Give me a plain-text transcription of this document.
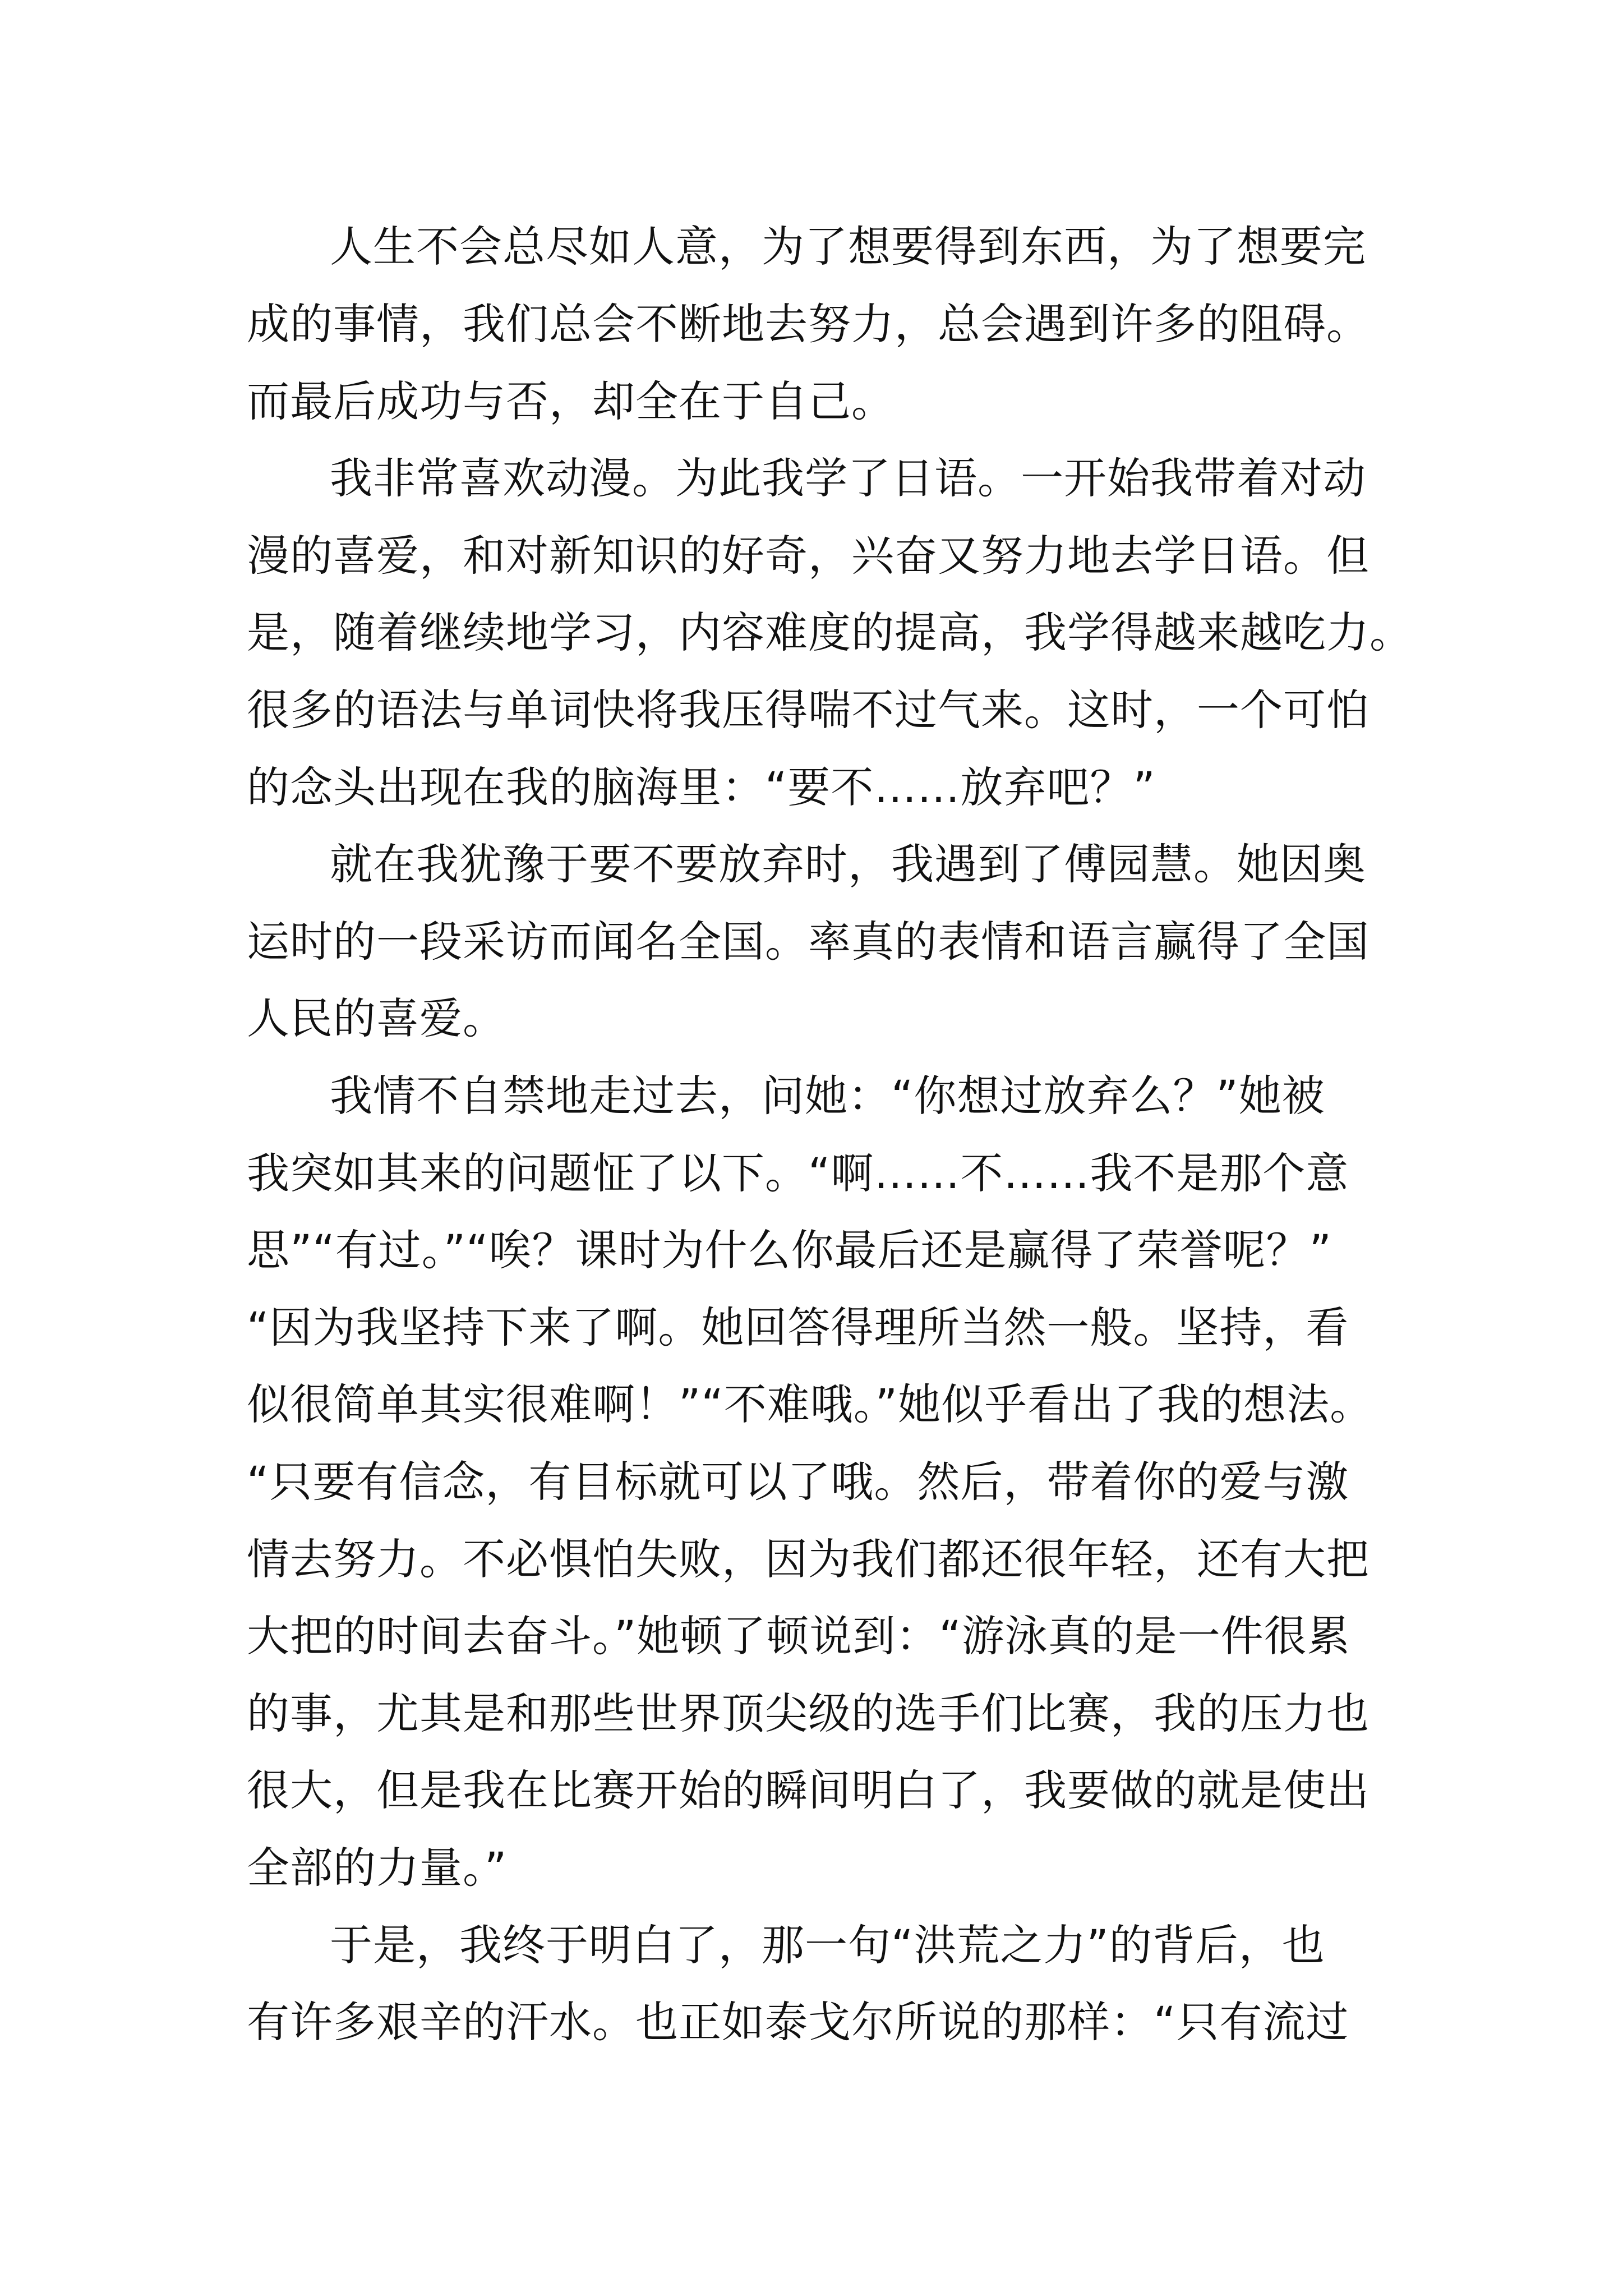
人生不会总尽如人意，为了想要得到东西，为了想要完
成的事情，我们总会不断地去努力，总会遇到许多的阻碍。
而最后成功与否，却全在于自己。
我非常喜欢动漫。为此我学了日语。一开始我带着对动
漫的喜爱，和对新知识的好奇，兴奋又努力地去学日语。但
是，随着继续地学习，内容难度的提高，我学得越来越吃力。
很多的语法与单词快将我压得喘不过气来。这时，一个可怕
的念头出现在我的脑海里：“要不……放弃吧？”
就在我犹豫于要不要放弃时，我遇到了傅园慧。她因奥
运时的一段采访而闻名全国。率真的表情和语言赢得了全国
人民的喜爱。
我情不自禁地走过去，问她：“你想过放弃么？”她被
我突如其来的问题怔了以下。“啊……不……我不是那个意
思”“有过。”“唉？课时为什么你最后还是赢得了荣誉呢？”
“因为我坚持下来了啊。她回答得理所当然一般。坚持，看
似很简单其实很难啊！”“不难哦。”她似乎看出了我的想法。
“只要有信念，有目标就可以了哦。然后，带着你的爱与激
情去努力。不必惧怕失败，因为我们都还很年轻，还有大把
大把的时间去奋斗。”她顿了顿说到：“游泳真的是一件很累
的事，尤其是和那些世界顶尖级的选手们比赛，我的压力也
很大，但是我在比赛开始的瞬间明白了，我要做的就是使出
全部的力量。”
于是，我终于明白了，那一句“洪荒之力”的背后，也
有许多艰辛的汗水。也正如泰戈尔所说的那样：“只有流过
